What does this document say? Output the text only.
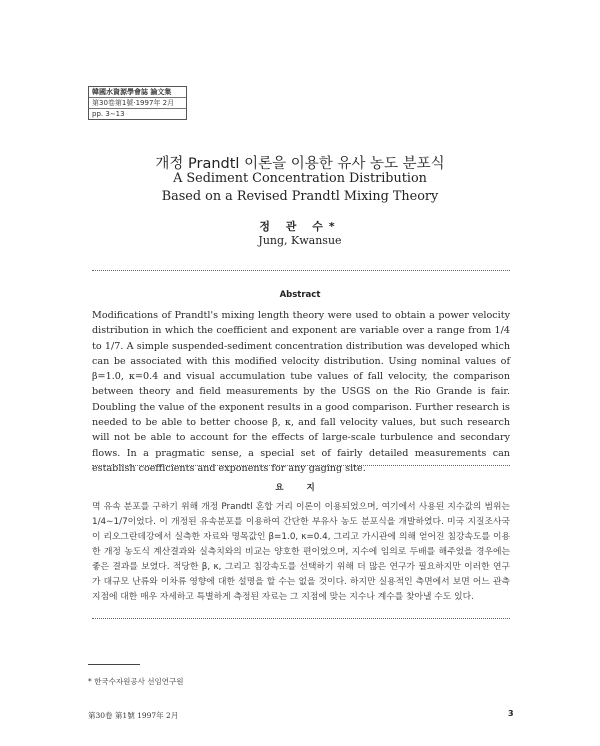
韓國水資源學會誌 論文集
第30卷第1號·1997年 2月
pp. 3∼13
개정 Prandtl 이론을 이용한 유사 농도 분포식
A Sediment Concentration Distribution
Based on a Revised Prandtl Mixing Theory
정 관 수*
Jung, Kwansue
Abstract
Modifications of Prandtl's mixing length theory were used to obtain a power velocity distribution in which the coefficient and exponent are variable over a range from 1/4 to 1/7. A simple suspended-sediment concentration distribution was developed which can be associated with this modified velocity distribution. Using nominal values of β=1.0, κ=0.4 and visual accumulation tube values of fall velocity, the comparison between theory and field measurements by the USGS on the Rio Grande is fair. Doubling the value of the exponent results in a good comparison. Further research is needed to be able to better choose β, κ, and fall velocity values, but such research will not be able to account for the effects of large-scale turbulence and secondary flows. In a pragmatic sense, a special set of fairly detailed measurements can establish coefficients and exponents for any gaging site.
요 지
멱 유속 분포를 구하기 위해 개정 Prandtl 혼합 거리 이론이 이용되었으며, 여기에서 사용된 지수값의 범위는 1/4∼1/7이었다. 이 개정된 유속분포를 이용하여 간단한 부유사 농도 분포식을 개발하였다. 미국 지질조사국이 리오그란데강에서 실측한 자료와 명목값인 β=1.0, κ=0.4, 그리고 가시관에 의해 얻어진 침강속도를 이용한 개정 농도식 계산결과와 실측치와의 비교는 양호한 편이었으며, 지수에 임의로 두배를 해주었을 경우에는 좋은 결과를 보였다. 적당한 β, κ, 그리고 침강속도를 선택하기 위해 더 많은 연구가 필요하지만 이러한 연구가 대규모 난류와 이차류 영향에 대한 설명을 할 수는 없을 것이다. 하지만 실용적인 측면에서 보면 어느 관측지점에 대한 매우 자세하고 특별하게 측정된 자료는 그 지점에 맞는 지수나 계수를 찾아낼 수도 있다.
* 한국수자원공사 선임연구원
第30卷 第1號 1997年 2月	3
